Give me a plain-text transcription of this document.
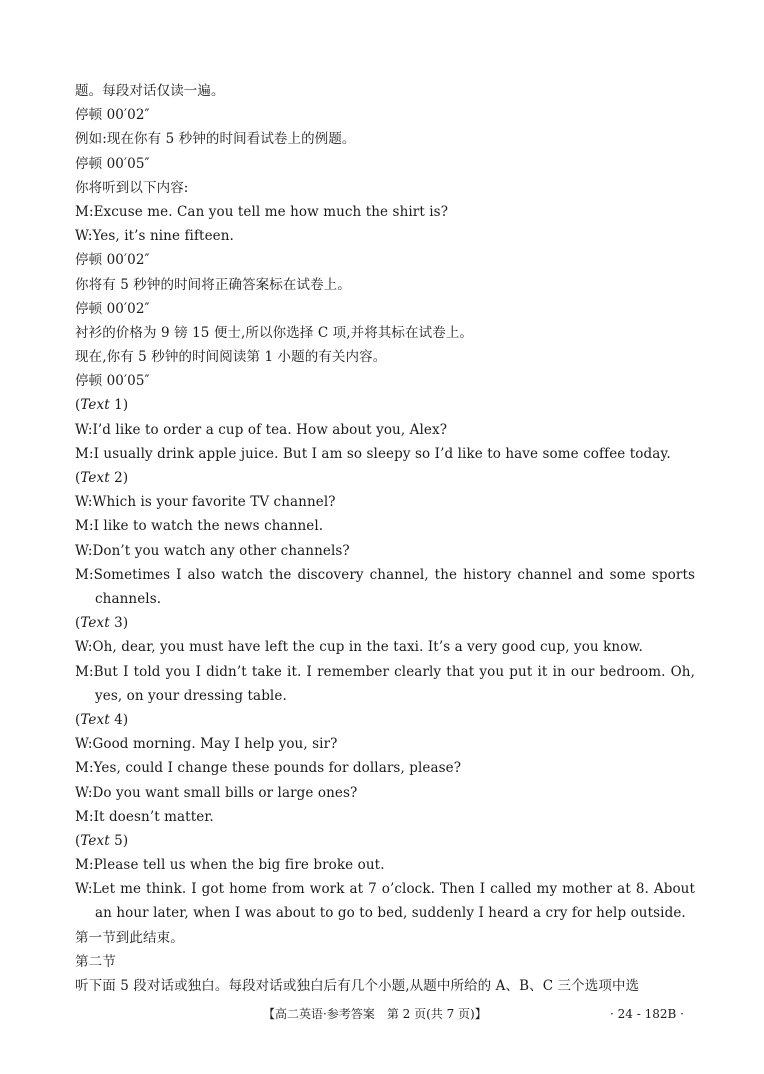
题。每段对话仅读一遍。
停顿 00′02″
例如:现在你有 5 秒钟的时间看试卷上的例题。
停顿 00′05″
你将听到以下内容:
M:Excuse me. Can you tell me how much the shirt is?
W:Yes, it’s nine fifteen.
停顿 00′02″
你将有 5 秒钟的时间将正确答案标在试卷上。
停顿 00′02″
衬衫的价格为 9 镑 15 便士,所以你选择 C 项,并将其标在试卷上。
现在,你有 5 秒钟的时间阅读第 1 小题的有关内容。
停顿 00′05″
(Text 1)
W:I’d like to order a cup of tea. How about you, Alex?
M:I usually drink apple juice. But I am so sleepy so I’d like to have some coffee today.
(Text 2)
W:Which is your favorite TV channel?
M:I like to watch the news channel.
W:Don’t you watch any other channels?
M:Sometimes I also watch the discovery channel, the history channel and some sports channels.
(Text 3)
W:Oh, dear, you must have left the cup in the taxi. It’s a very good cup, you know.
M:But I told you I didn’t take it. I remember clearly that you put it in our bedroom. Oh, yes, on your dressing table.
(Text 4)
W:Good morning. May I help you, sir?
M:Yes, could I change these pounds for dollars, please?
W:Do you want small bills or large ones?
M:It doesn’t matter.
(Text 5)
M:Please tell us when the big fire broke out.
W:Let me think. I got home from work at 7 o’clock. Then I called my mother at 8. About an hour later, when I was about to go to bed, suddenly I heard a cry for help outside.
第一节到此结束。
第二节
听下面 5 段对话或独白。每段对话或独白后有几个小题,从题中所给的 A、B、C 三个选项中选
【高二英语·参考答案　第 2 页(共 7 页)】	· 24 - 182B ·
